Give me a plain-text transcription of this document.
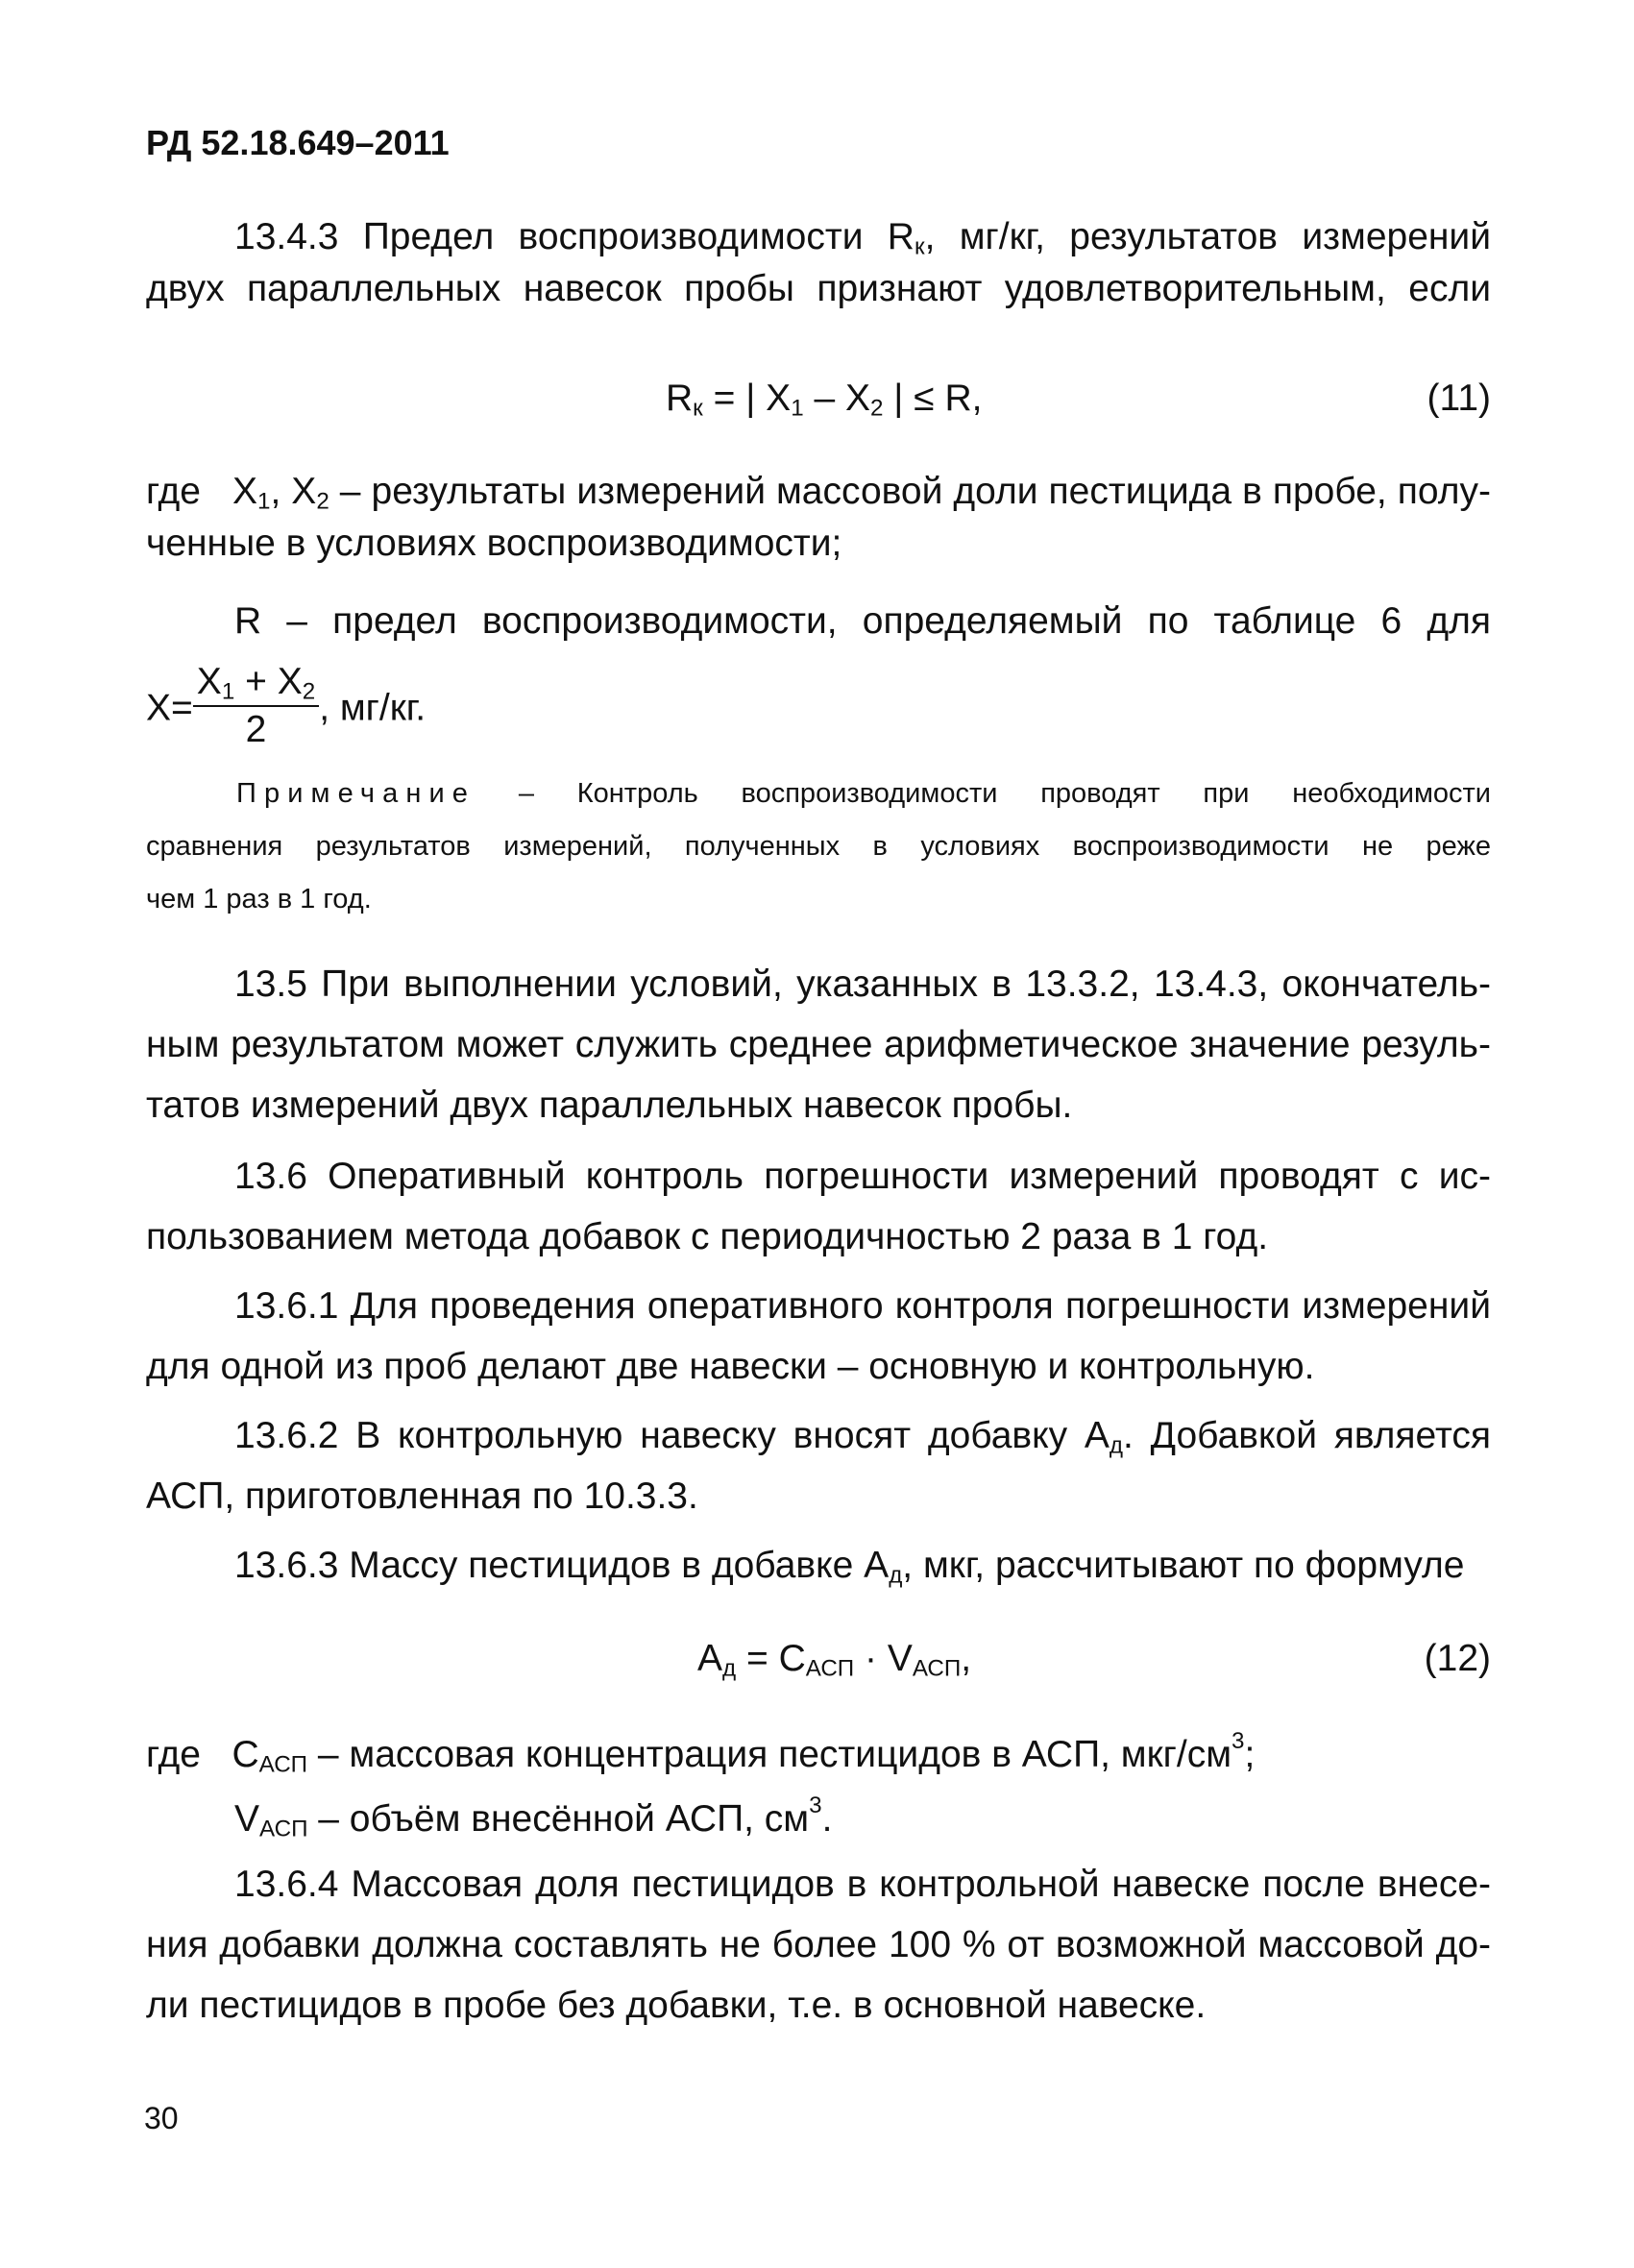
РД 52.18.649–2011
13.4.3 Предел воспроизводимости $R_к$, мг/кг, результатов измерений
двух параллельных навесок пробы признают удовлетворительным, если
$R_к$ = | $X_1 - X_2$ | ≤ R,	(11)
где $X_1$, $X_2$ – результаты измерений массовой доли пестицида в пробе, полу-
ченные в условиях воспроизводимости;
R – предел воспроизводимости, определяемый по таблице 6 для
$X= \frac{X_1 + X_2}{2}$ , мг/кг.
Примечание – Контроль воспроизводимости проводят при необходимости
сравнения результатов измерений, полученных в условиях воспроизводимости не реже
чем 1 раз в 1 год.
13.5 При выполнении условий, указанных в 13.3.2, 13.4.3, окончатель-
ным результатом может служить среднее арифметическое значение резуль-
татов измерений двух параллельных навесок пробы.
13.6 Оперативный контроль погрешности измерений проводят с ис-
пользованием метода добавок с периодичностью 2 раза в 1 год.
13.6.1 Для проведения оперативного контроля погрешности измерений
для одной из проб делают две навески – основную и контрольную.
13.6.2 В контрольную навеску вносят добавку $А_д$. Добавкой является
АСП, приготовленная по 10.3.3.
13.6.3 Массу пестицидов в добавке $А_д$, мкг, рассчитывают по формуле
$А_д = C_{АСП} \cdot V_{АСП}$,	(12)
где $C_{АСП}$ – массовая концентрация пестицидов в АСП, мкг/$см^3$;
$V_{АСП}$ – объём внесённой АСП, $см^3$.
13.6.4 Массовая доля пестицидов в контрольной навеске после внесе-
ния добавки должна составлять не более 100 % от возможной массовой до-
ли пестицидов в пробе без добавки, т.е. в основной навеске.
30
